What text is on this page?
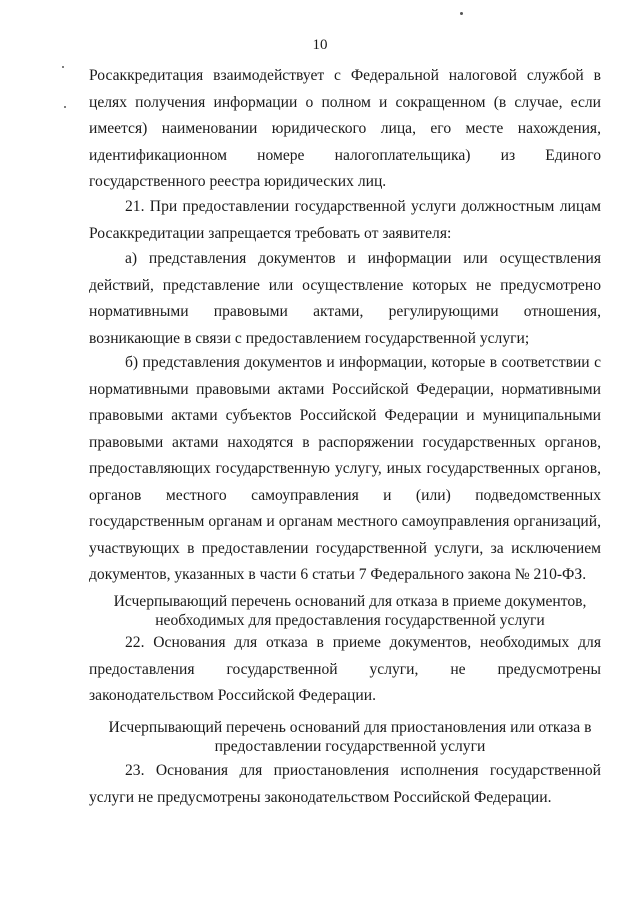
10

Росаккредитация взаимодействует с Федеральной налоговой службой в целях получения информации о полном и сокращенном (в случае, если имеется) наименовании юридического лица, его месте нахождения, идентификационном номере налогоплательщика) из Единого государственного реестра юридических лиц.

21. При предоставлении государственной услуги должностным лицам Росаккредитации запрещается требовать от заявителя:

а) представления документов и информации или осуществления действий, представление или осуществление которых не предусмотрено нормативными правовыми актами, регулирующими отношения, возникающие в связи с предоставлением государственной услуги;

б) представления документов и информации, которые в соответствии с нормативными правовыми актами Российской Федерации, нормативными правовыми актами субъектов Российской Федерации и муниципальными правовыми актами находятся в распоряжении государственных органов, предоставляющих государственную услугу, иных государственных органов, органов местного самоуправления и (или) подведомственных государственным органам и органам местного самоуправления организаций, участвующих в предоставлении государственной услуги, за исключением документов, указанных в части 6 статьи 7 Федерального закона № 210-ФЗ.

Исчерпывающий перечень оснований для отказа в приеме документов, необходимых для предоставления государственной услуги

22. Основания для отказа в приеме документов, необходимых для предоставления государственной услуги, не предусмотрены законодательством Российской Федерации.

Исчерпывающий перечень оснований для приостановления или отказа в предоставлении государственной услуги

23. Основания для приостановления исполнения государственной услуги не предусмотрены законодательством Российской Федерации.
